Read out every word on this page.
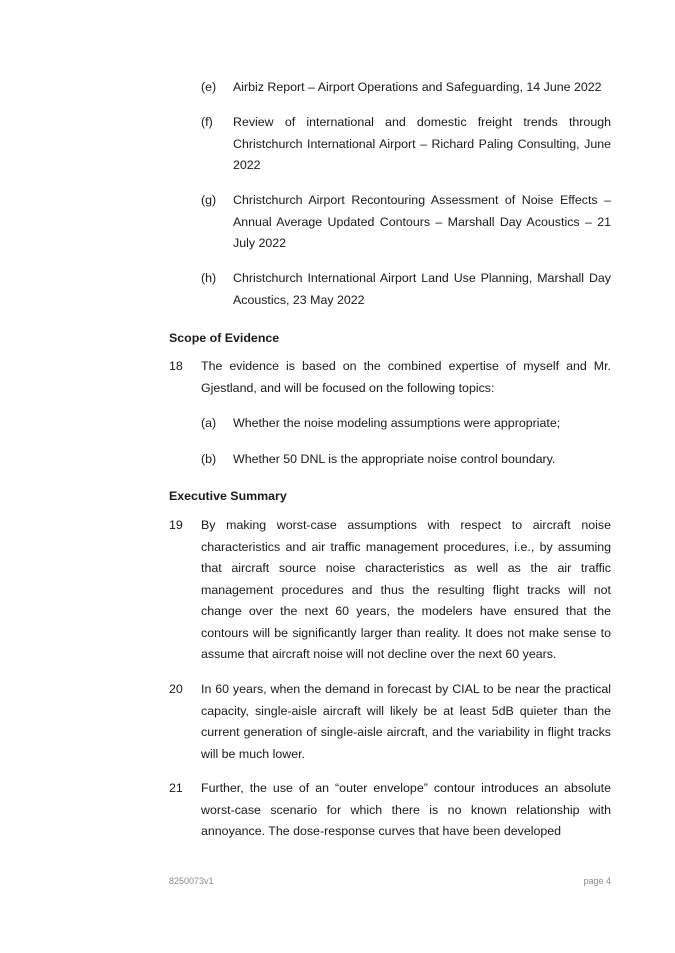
(e) Airbiz Report – Airport Operations and Safeguarding, 14 June 2022
(f) Review of international and domestic freight trends through Christchurch International Airport – Richard Paling Consulting, June 2022
(g) Christchurch Airport Recontouring Assessment of Noise Effects – Annual Average Updated Contours – Marshall Day Acoustics – 21 July 2022
(h) Christchurch International Airport Land Use Planning, Marshall Day Acoustics, 23 May 2022
Scope of Evidence
18 The evidence is based on the combined expertise of myself and Mr. Gjestland, and will be focused on the following topics:
(a) Whether the noise modeling assumptions were appropriate;
(b) Whether 50 DNL is the appropriate noise control boundary.
Executive Summary
19 By making worst-case assumptions with respect to aircraft noise characteristics and air traffic management procedures, i.e., by assuming that aircraft source noise characteristics as well as the air traffic management procedures and thus the resulting flight tracks will not change over the next 60 years, the modelers have ensured that the contours will be significantly larger than reality. It does not make sense to assume that aircraft noise will not decline over the next 60 years.
20 In 60 years, when the demand in forecast by CIAL to be near the practical capacity, single-aisle aircraft will likely be at least 5dB quieter than the current generation of single-aisle aircraft, and the variability in flight tracks will be much lower.
21 Further, the use of an “outer envelope” contour introduces an absolute worst-case scenario for which there is no known relationship with annoyance. The dose-response curves that have been developed
8250073v1	page 4
